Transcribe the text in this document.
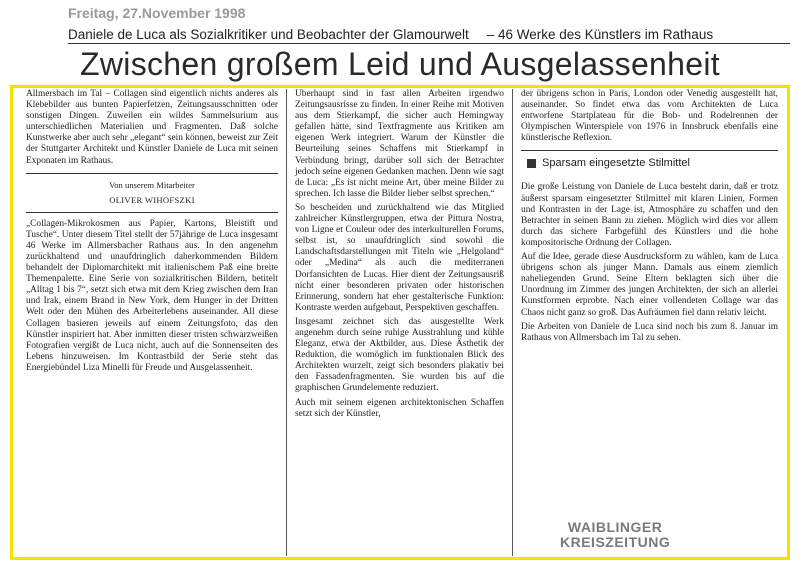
Freitag, 27.November 1998
Daniele de Luca als Sozialkritiker und Beobachter der Glamourwelt – 46 Werke des Künstlers im Rathaus
Zwischen großem Leid und Ausgelassenheit

Allmersbach im Tal – Collagen sind eigentlich nichts anderes als Klebebilder aus bunten Papierfetzen, Zeitungsausschnitten oder sonstigen Dingen. Zuweilen ein wildes Sammelsurium aus unterschiedlichen Materialien und Fragmenten. Daß solche Kunstwerke aber auch sehr „elegant“ sein können, beweist zur Zeit der Stuttgarter Architekt und Künstler Daniele de Luca mit seinen Exponaten im Rathaus.

Von unserem Mitarbeiter
OLIVER WIHOFSZKI

„Collagen-Mikrokosmen aus Papier, Kartons, Bleistift und Tusche“. Unter diesem Titel stellt der 57jährige de Luca insgesamt 46 Werke im Allmersbacher Rathaus aus. In den angenehm zurückhaltend und unaufdringlich daherkommenden Bildern behandelt der Diplomarchitekt mit italienischem Paß eine breite Themenpalette. Eine Serie von sozialkritischen Bildern, betitelt „Alltag 1 bis 7“, setzt sich etwa mit dem Krieg zwischen dem Iran und Irak, einem Brand in New York, dem Hunger in der Dritten Welt oder den Mühen des Arbeiterlebens auseinander. All diese Collagen basieren jeweils auf einem Zeitungsfoto, das den Künstler inspiriert hat. Aber inmitten dieser tristen schwarzweißen Fotografien vergißt de Luca nicht, auch auf die Sonnenseiten des Lebens hinzuweisen. Im Kontrastbild der Serie steht das Energiebündel Liza Minelli für Freude und Ausgelassenheit.

Überhaupt sind in fast allen Arbeiten irgendwo Zeitungsausrisse zu finden. In einer Reihe mit Motiven aus dem Stierkampf, die sicher auch Hemingway gefallen hätte, sind Textfragmente aus Kritiken am eigenen Werk integriert. Warum der Künstler die Beurteilung seines Schaffens mit Stierkampf in Verbindung bringt, darüber soll sich der Betrachter jedoch seine eigenen Gedanken machen. Denn wie sagt de Luca: „Es ist nicht meine Art, über meine Bilder zu sprechen. Ich lasse die Bilder lieber selbst sprechen.“

So bescheiden und zurückhaltend wie das Mitglied zahlreicher Künstlergruppen, etwa der Pittura Nostra, von Ligne et Couleur oder des interkulturellen Forums, selbst ist, so unaufdringlich sind sowohl die Landschaftsdarstellungen mit Titeln wie „Helgoland“ oder „Medina“ als auch die mediterranen Dorfansichten de Lucas. Hier dient der Zeitungsausriß nicht einer besonderen privaten oder historischen Erinnerung, sondern hat eher gestalterische Funktion: Kontraste werden aufgebaut, Perspektiven geschaffen.

Insgesamt zeichnet sich das ausgestellte Werk angenehm durch seine ruhige Ausstrahlung und kühle Eleganz, etwa der Aktbilder, aus. Diese Ästhetik der Reduktion, die womöglich im funktionalen Blick des Architekten wurzelt, zeigt sich besonders plakativ bei den Fassadenfragmenten. Sie wurden bis auf die graphischen Grundelemente reduziert.

Auch mit seinem eigenen architektonischen Schaffen setzt sich der Künstler,

der übrigens schon in Paris, London oder Venedig ausgestellt hat, auseinander. So findet etwa das vom Architekten de Luca entworfene Startplateau für die Bob- und Rodelrennen der Olympischen Winterspiele von 1976 in Innsbruck ebenfalls eine künstlerische Reflexion.

Sparsam eingesetzte Stilmittel

Die große Leistung von Daniele de Luca besteht darin, daß er trotz äußerst sparsam eingesetzter Stilmittel mit klaren Linien, Formen und Kontrasten in der Lage ist, Atmosphäre zu schaffen und den Betrachter in seinen Bann zu ziehen. Möglich wird dies vor allem durch das sichere Farbgefühl des Künstlers und die hohe kompositorische Ordnung der Collagen.

Auf die Idee, gerade diese Ausdrucksform zu wählen, kam de Luca übrigens schon als junger Mann. Damals aus einem ziemlich naheliegenden Grund. Seine Eltern beklagten sich über die Unordnung im Zimmer des jungen Architekten, der sich an allerlei Kunstformen erprobte. Nach einer vollendeten Collage war das Chaos nicht ganz so groß. Das Aufräumen fiel dann relativ leicht.

Die Arbeiten von Daniele de Luca sind noch bis zum 8. Januar im Rathaus von Allmersbach im Tal zu sehen.

WAIBLINGER
KREISZEITUNG
